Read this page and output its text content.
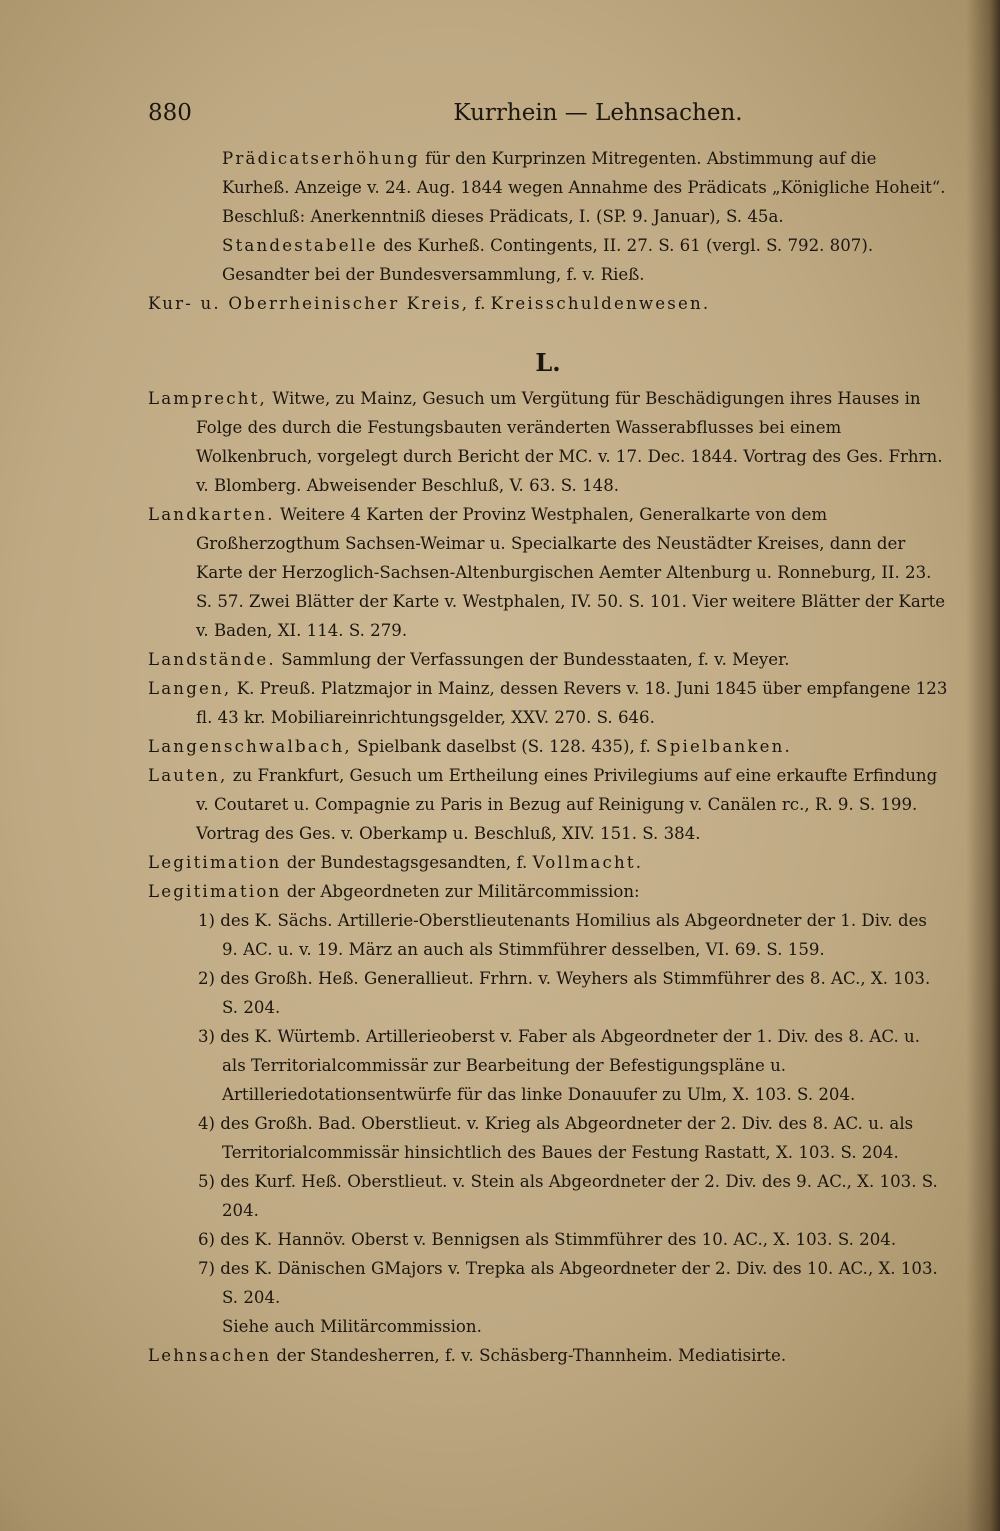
880	Kurrhein — Lehnsachen.
Prädicatserhöhung für den Kurprinzen Mitregenten. Abstimmung auf die Kurheß. Anzeige v. 24. Aug. 1844 wegen Annahme des Prädicats „Königliche Hoheit“. Beschluß: Anerkenntniß dieses Prädicats, I. (SP. 9. Januar), S. 45a.
Standestabelle des Kurheß. Contingents, II. 27. S. 61 (vergl. S. 792. 807).
Gesandter bei der Bundesversammlung, f. v. Rieß.
Kur- u. Oberrheinischer Kreis, f. Kreisschuldenwesen.
L.
Lamprecht, Witwe, zu Mainz, Gesuch um Vergütung für Beschädigungen ihres Hauses in Folge des durch die Festungsbauten veränderten Wasserabflusses bei einem Wolkenbruch, vorgelegt durch Bericht der MC. v. 17. Dec. 1844. Vortrag des Ges. Frhrn. v. Blomberg. Abweisender Beschluß, V. 63. S. 148.
Landkarten. Weitere 4 Karten der Provinz Westphalen, Generalkarte von dem Großherzogthum Sachsen-Weimar u. Specialkarte des Neustädter Kreises, dann der Karte der Herzoglich-Sachsen-Altenburgischen Aemter Altenburg u. Ronneburg, II. 23. S. 57. Zwei Blätter der Karte v. Westphalen, IV. 50. S. 101. Vier weitere Blätter der Karte v. Baden, XI. 114. S. 279.
Landstände. Sammlung der Verfassungen der Bundesstaaten, f. v. Meyer.
Langen, K. Preuß. Platzmajor in Mainz, dessen Revers v. 18. Juni 1845 über empfangene 123 fl. 43 kr. Mobiliareinrichtungsgelder, XXV. 270. S. 646.
Langenschwalbach, Spielbank daselbst (S. 128. 435), f. Spielbanken.
Lauten, zu Frankfurt, Gesuch um Ertheilung eines Privilegiums auf eine erkaufte Erfindung v. Coutaret u. Compagnie zu Paris in Bezug auf Reinigung v. Canälen rc., R. 9. S. 199. Vortrag des Ges. v. Oberkamp u. Beschluß, XIV. 151. S. 384.
Legitimation der Bundestagsgesandten, f. Vollmacht.
Legitimation der Abgeordneten zur Militärcommission:
1) des K. Sächs. Artillerie-Oberstlieutenants Homilius als Abgeordneter der 1. Div. des 9. AC. u. v. 19. März an auch als Stimmführer desselben, VI. 69. S. 159.
2) des Großh. Heß. Generallieut. Frhrn. v. Weyhers als Stimmführer des 8. AC., X. 103. S. 204.
3) des K. Würtemb. Artillerieoberst v. Faber als Abgeordneter der 1. Div. des 8. AC. u. als Territorialcommissär zur Bearbeitung der Befestigungspläne u. Artilleriedotationsentwürfe für das linke Donauufer zu Ulm, X. 103. S. 204.
4) des Großh. Bad. Oberstlieut. v. Krieg als Abgeordneter der 2. Div. des 8. AC. u. als Territorialcommissär hinsichtlich des Baues der Festung Rastatt, X. 103. S. 204.
5) des Kurf. Heß. Oberstlieut. v. Stein als Abgeordneter der 2. Div. des 9. AC., X. 103. S. 204.
6) des K. Hannöv. Oberst v. Bennigsen als Stimmführer des 10. AC., X. 103. S. 204.
7) des K. Dänischen GMajors v. Trepka als Abgeordneter der 2. Div. des 10. AC., X. 103. S. 204.
Siehe auch Militärcommission.
Lehnsachen der Standesherren, f. v. Schäsberg-Thannheim. Mediatisirte.
